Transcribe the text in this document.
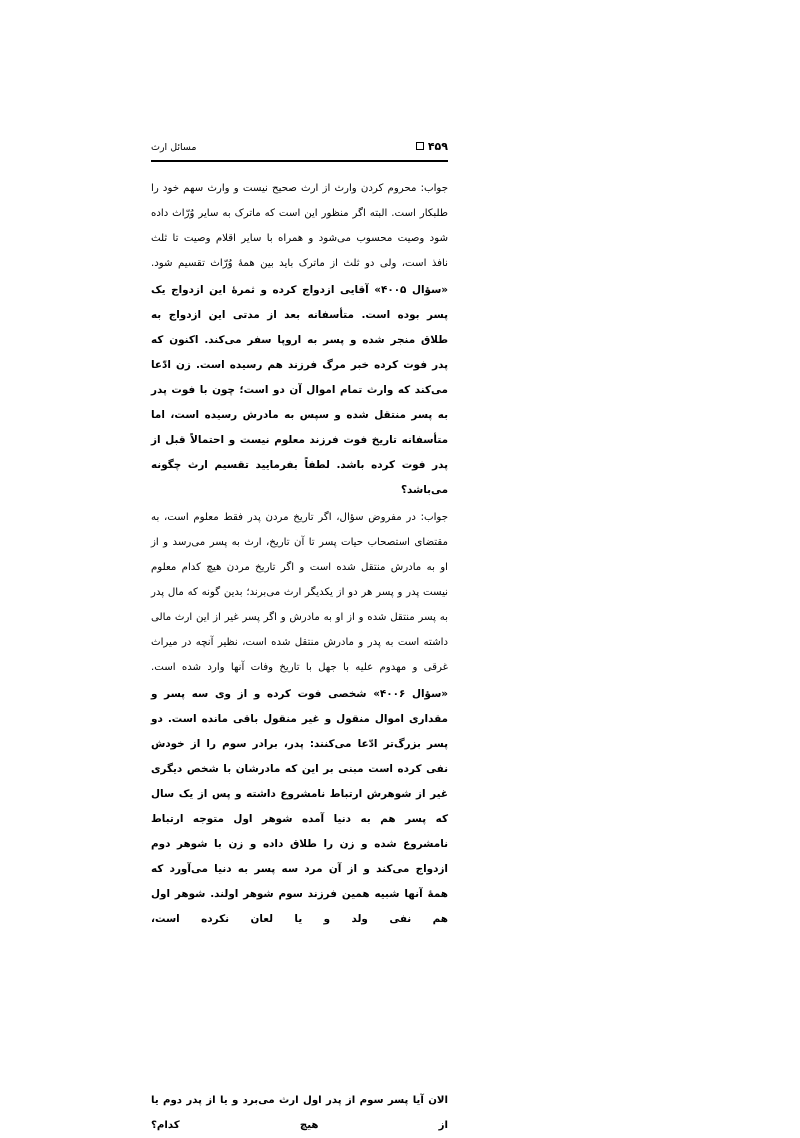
۴۵۹
مسائل ارث

جواب: محروم کردن وارث از ارث صحیح نیست و وارث سهم خود را طلبکار است. البته اگر منظور این است که ماترک به سایر وُرّاث داده شود وصیت محسوب می‌شود و همراه با سایر اقلام وصیت تا ثلث نافذ است، ولی دو ثلث از ماترک باید بین همهٔ وُرّاث تقسیم شود.

«سؤال ۴۰۰۵» آقایی ازدواج کرده و ثمرهٔ این ازدواج یک پسر بوده است. متأسفانه بعد از مدتی این ازدواج به طلاق منجر شده و پسر به اروپا سفر می‌کند. اکنون که پدر فوت کرده خبر مرگ فرزند هم رسیده است. زن ادّعا می‌کند که وارث تمام اموال آن دو است؛ چون با فوت پدر به پسر منتقل شده و سپس به مادرش رسیده است، اما متأسفانه تاریخ فوت فرزند معلوم نیست و احتمالاً قبل از پدر فوت کرده باشد. لطفاً بفرمایید تقسیم ارث چگونه می‌باشد؟

جواب: در مفروض سؤال، اگر تاریخ مردن پدر فقط معلوم است، به مقتضای استصحاب حیات پسر تا آن تاریخ، ارث به پسر می‌رسد و از او به مادرش منتقل شده است و اگر تاریخ مردن هیچ کدام معلوم نیست پدر و پسر هر دو از یکدیگر ارث می‌برند؛ بدین گونه که مال پدر به پسر منتقل شده و از او به مادرش و اگر پسر غیر از این ارث مالی داشته است به پدر و مادرش منتقل شده است، نظیر آنچه در میراث غرقی و مهدوم علیه با جهل با تاریخ وفات آنها وارد شده است.

«سؤال ۴۰۰۶» شخصی فوت کرده و از وی سه پسر و مقداری اموال منقول و غیر منقول باقی مانده است. دو پسر بزرگ‌تر ادّعا می‌کنند: پدر، برادر سوم را از خودش نفی کرده است مبنی بر این که مادرشان با شخص دیگری غیر از شوهرش ارتباط نامشروع داشته و پس از یک سال که پسر هم به دنیا آمده شوهر اول متوجه ارتباط نامشروع شده و زن را طلاق داده و زن با شوهر دوم ازدواج می‌کند و از آن مرد سه پسر به دنیا می‌آورد که همهٔ آنها شبیه همین فرزند سوم شوهر اولند. شوهر اول هم نفی ولد و یا لعان نکرده است،

الان آیا پسر سوم از پدر اول ارث می‌برد و یا از پدر دوم یا از هیچ کدام؟
